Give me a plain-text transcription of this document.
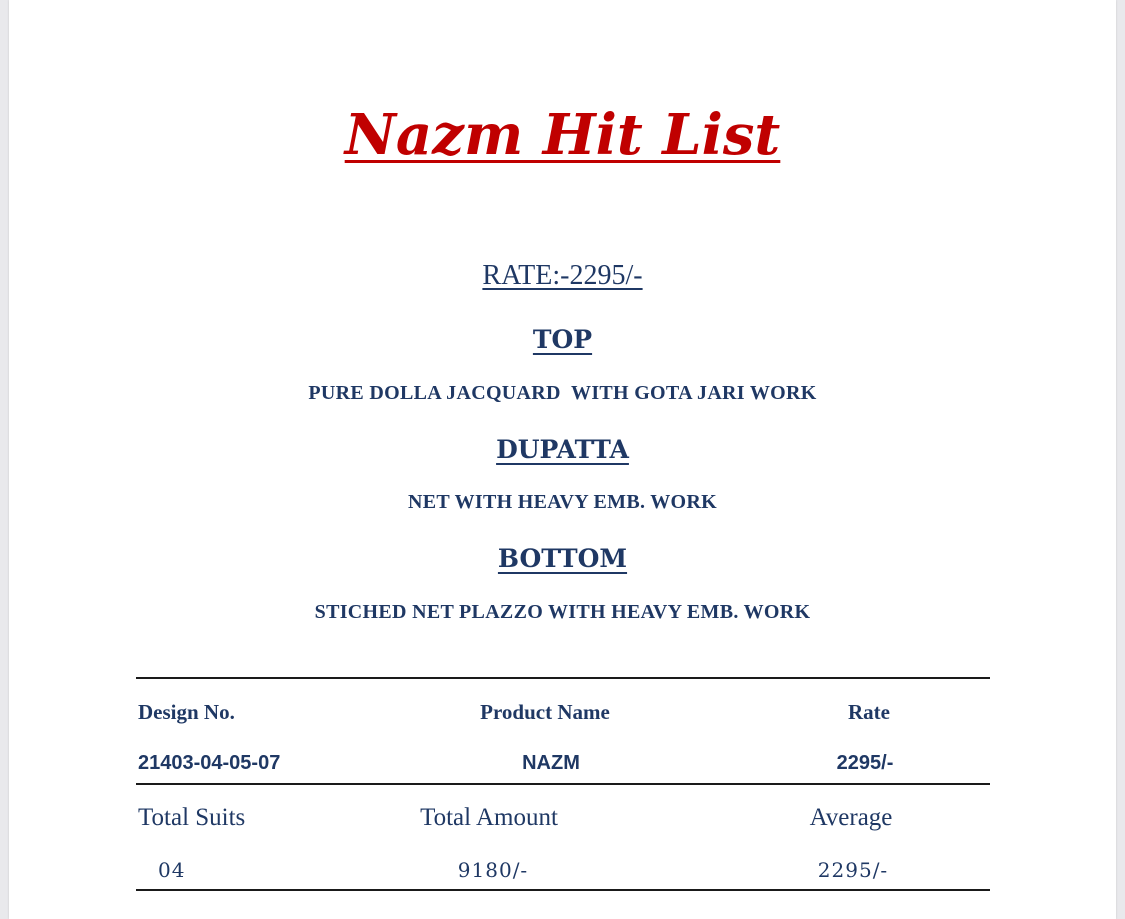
Nazm Hit List
RATE:-2295/-
TOP
PURE DOLLA JACQUARD  WITH GOTA JARI WORK
DUPATTA
NET WITH HEAVY EMB. WORK
BOTTOM
STICHED NET PLAZZO WITH HEAVY EMB. WORK
Design No.	Product Name	Rate
21403-04-05-07	NAZM	2295/-
Total Suits	Total Amount	Average
04	9180/-	2295/-
